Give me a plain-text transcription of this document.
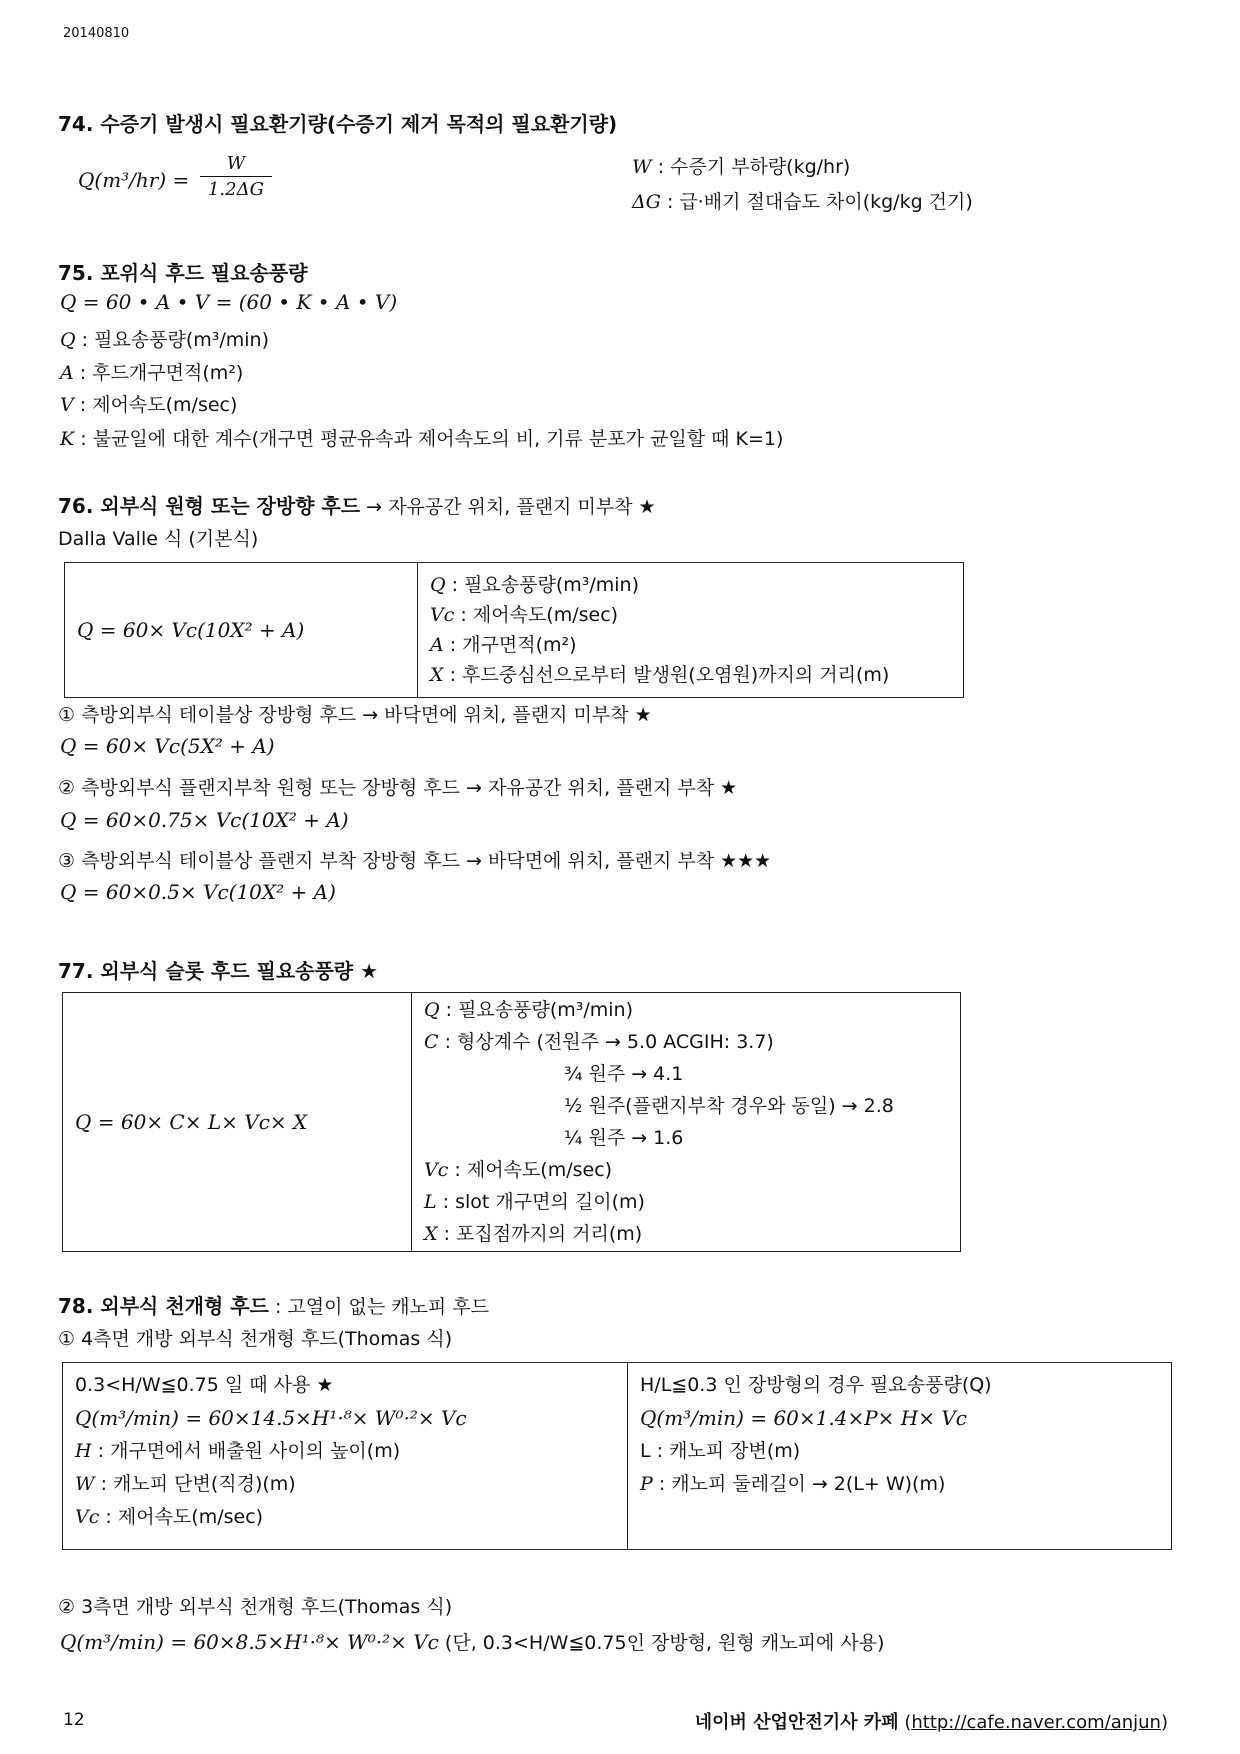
20140810
74. 수증기 발생시 필요환기량(수증기 제거 목적의 필요환기량)
Q(m³/hr) =
W
1.2ΔG
W : 수증기 부하량(kg/hr)
ΔG : 급·배기 절대습도 차이(kg/kg 건기)
75. 포위식 후드 필요송풍량
Q = 60 • A • V = (60 • K • A • V)
Q : 필요송풍량(m³/min)
A : 후드개구면적(m²)
V : 제어속도(m/sec)
K : 불균일에 대한 계수(개구면 평균유속과 제어속도의 비, 기류 분포가 균일할 때 K=1)
76. 외부식 원형 또는 장방향 후드 → 자유공간 위치, 플랜지 미부착 ★
Dalla Valle 식 (기본식)
Q = 60× Vc(10X² + A)	
Q : 필요송풍량(m³/min)
Vc : 제어속도(m/sec)
A : 개구면적(m²)
X : 후드중심선으로부터 발생원(오염원)까지의 거리(m)
① 측방외부식 테이블상 장방형 후드 → 바닥면에 위치, 플랜지 미부착 ★
Q = 60× Vc(5X² + A)
② 측방외부식 플랜지부착 원형 또는 장방형 후드 → 자유공간 위치, 플랜지 부착 ★
Q = 60×0.75× Vc(10X² + A)
③ 측방외부식 테이블상 플랜지 부착 장방형 후드 → 바닥면에 위치, 플랜지 부착 ★★★
Q = 60×0.5× Vc(10X² + A)
77. 외부식 슬롯 후드 필요송풍량 ★
Q = 60× C× L× Vc× X	
Q : 필요송풍량(m³/min)
C : 형상계수 (전원주 → 5.0 ACGIH: 3.7)
¾ 원주 → 4.1
½ 원주(플랜지부착 경우와 동일) → 2.8
¼ 원주 → 1.6
Vc : 제어속도(m/sec)
L : slot 개구면의 길이(m)
X : 포집점까지의 거리(m)
78. 외부식 천개형 후드 : 고열이 없는 캐노피 후드
① 4측면 개방 외부식 천개형 후드(Thomas 식)
0.3<H/W≦0.75 일 때 사용 ★
Q(m³/min) = 60×14.5×H¹·⁸× W⁰·²× Vc
H : 개구면에서 배출원 사이의 높이(m)
W : 캐노피 단변(직경)(m)
Vc : 제어속도(m/sec)

H/L≦0.3 인 장방형의 경우 필요송풍량(Q)
Q(m³/min) = 60×1.4×P× H× Vc
L : 캐노피 장변(m)
P : 캐노피 둘레길이 → 2(L+ W)(m)
② 3측면 개방 외부식 천개형 후드(Thomas 식)
Q(m³/min) = 60×8.5×H¹·⁸× W⁰·²× Vc (단, 0.3<H/W≦0.75인 장방형, 원형 캐노피에 사용)
12	네이버 산업안전기사 카페 (http://cafe.naver.com/anjun)
